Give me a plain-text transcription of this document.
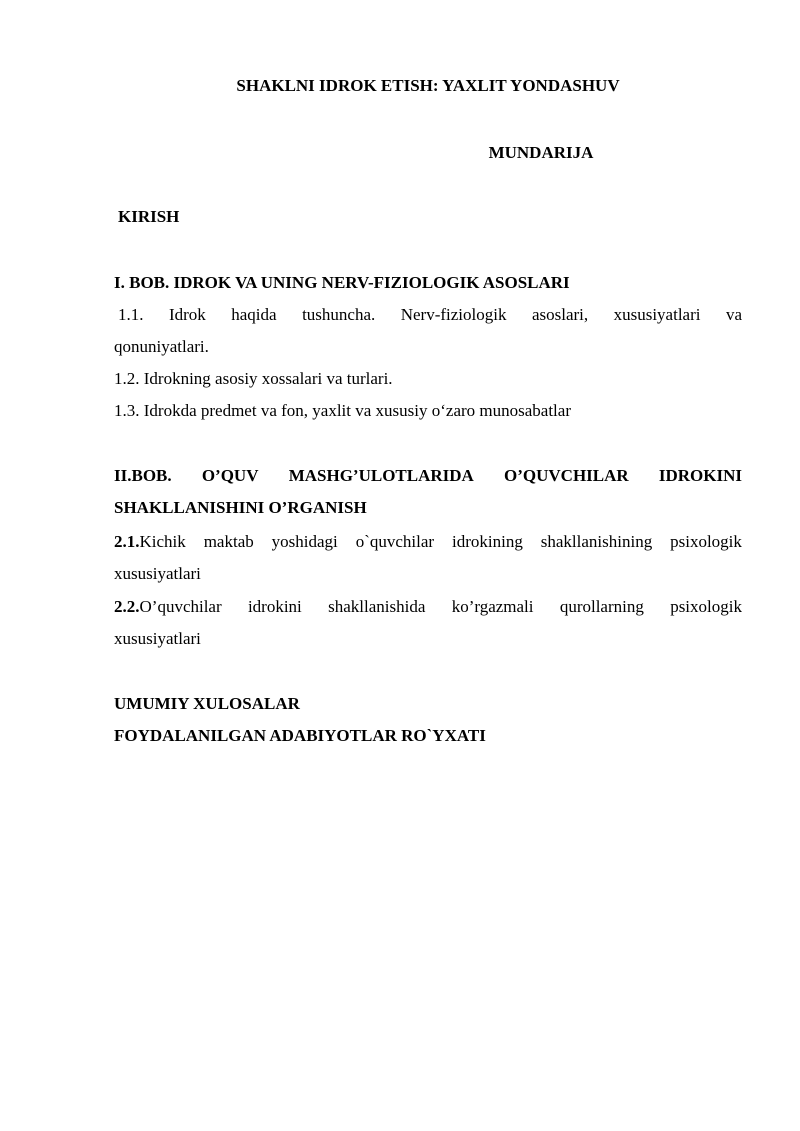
SHAKLNI IDROK ETISH: YAXLIT YONDASHUV
MUNDARIJA
KIRISH
I. BOB. IDROK VA UNING NERV-FIZIOLOGIK ASOSLARI
1.1. Idrok haqida tushuncha. Nerv-fiziologik asoslari, xususiyatlari va
qonuniyatlari.
1.2. Idrokning asosiy xossalari va turlari.
1.3. Idrokda predmet va fon, yaxlit va xususiy o‘zaro munosabatlar
II.BOB. O’QUV MASHG’ULOTLARIDA O’QUVCHILAR IDROKINI
SHAKLLANISHINI O’RGANISH
2.1.Kichik maktab yoshidagi o`quvchilar idrokining shakllanishining psixologik
xususiyatlari
2.2.O’quvchilar idrokini shakllanishida ko’rgazmali qurollarning psixologik
xususiyatlari
UMUMIY XULOSALAR
FOYDALANILGAN ADABIYOTLAR RO`YXATI
